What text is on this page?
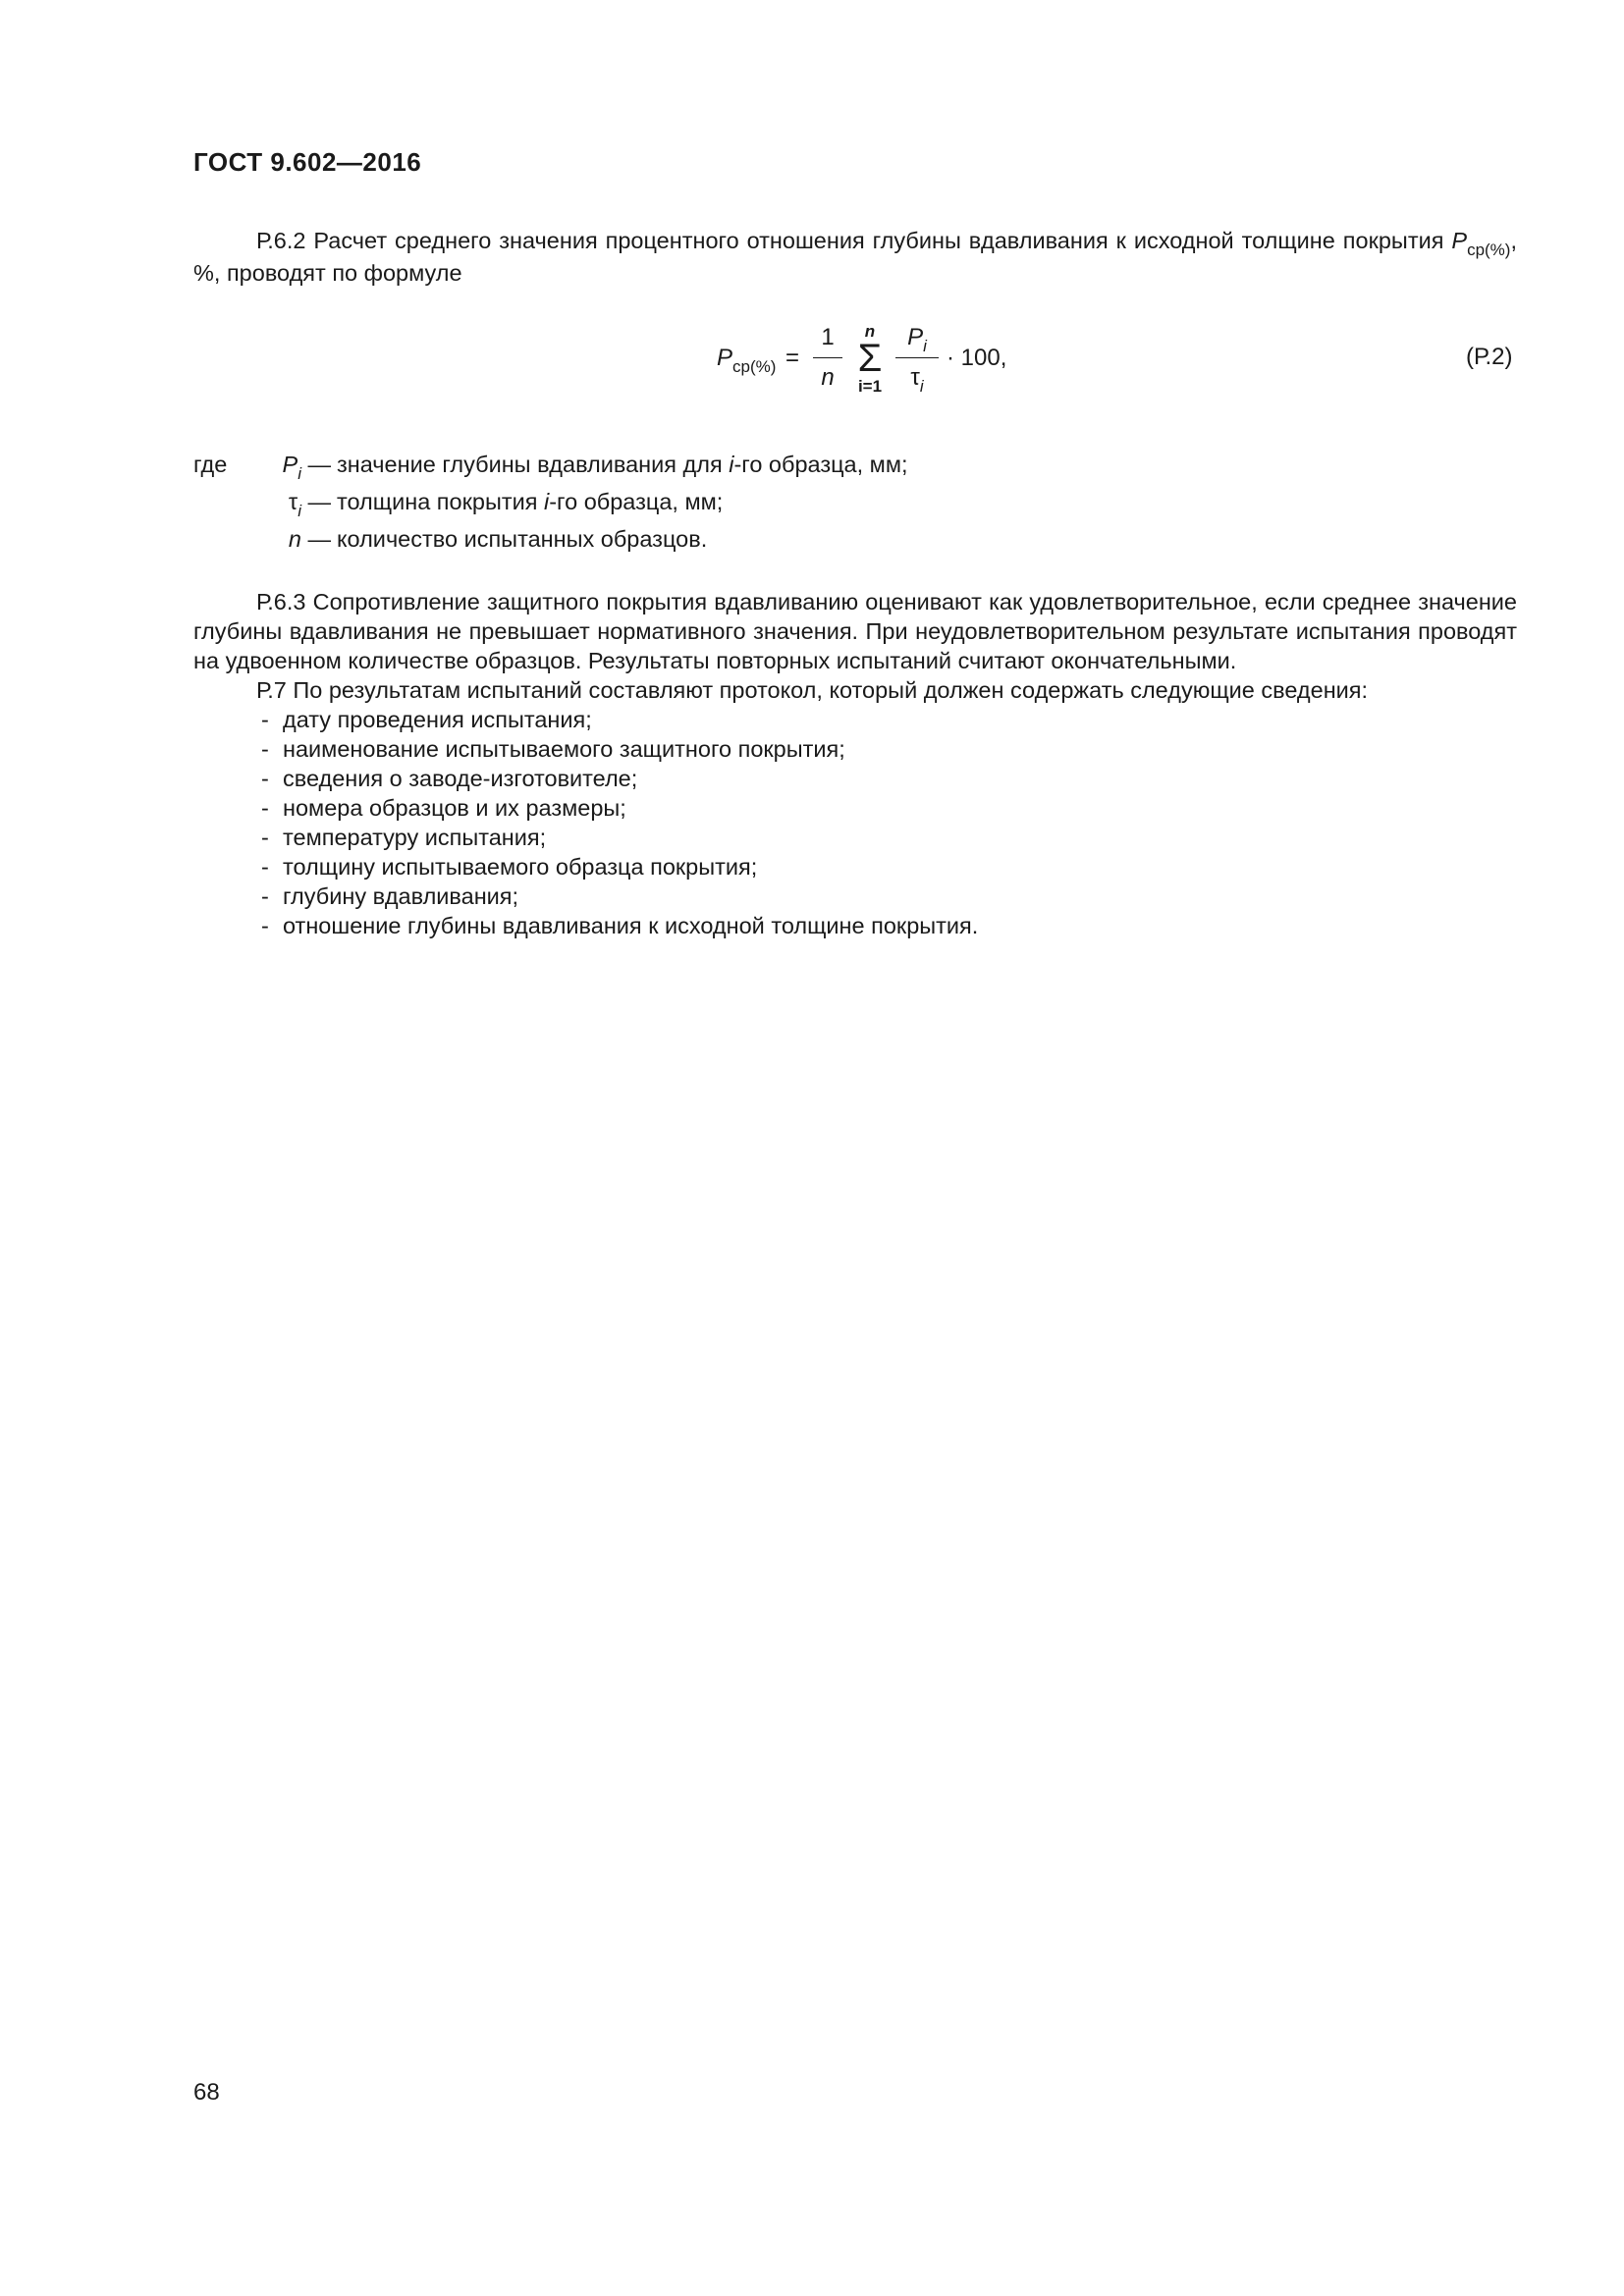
ГОСТ 9.602—2016
Р.6.2 Расчет среднего значения процентного отношения глубины вдавливания к исходной толщине покрытия $P_{ср(\%)}$, %, проводят по формуле
$P_{ср(\%)}$ =
1
n
n
Σ
i=1
$P_i$
$\tau_i$
· 100,	(Р.2)
где	$P_i$ — значение глубины вдавливания для i-го образца, мм;
$\tau_i$ — толщина покрытия i-го образца, мм;
n — количество испытанных образцов.
Р.6.3 Сопротивление защитного покрытия вдавливанию оценивают как удовлетворительное, если среднее значение глубины вдавливания не превышает нормативного значения. При неудовлетворительном результате испытания проводят на удвоенном количестве образцов. Результаты повторных испытаний считают окончательными.
Р.7 По результатам испытаний составляют протокол, который должен содержать следующие сведения:
- дату проведения испытания;
- наименование испытываемого защитного покрытия;
- сведения о заводе-изготовителе;
- номера образцов и их размеры;
- температуру испытания;
- толщину испытываемого образца покрытия;
- глубину вдавливания;
- отношение глубины вдавливания к исходной толщине покрытия.
68
